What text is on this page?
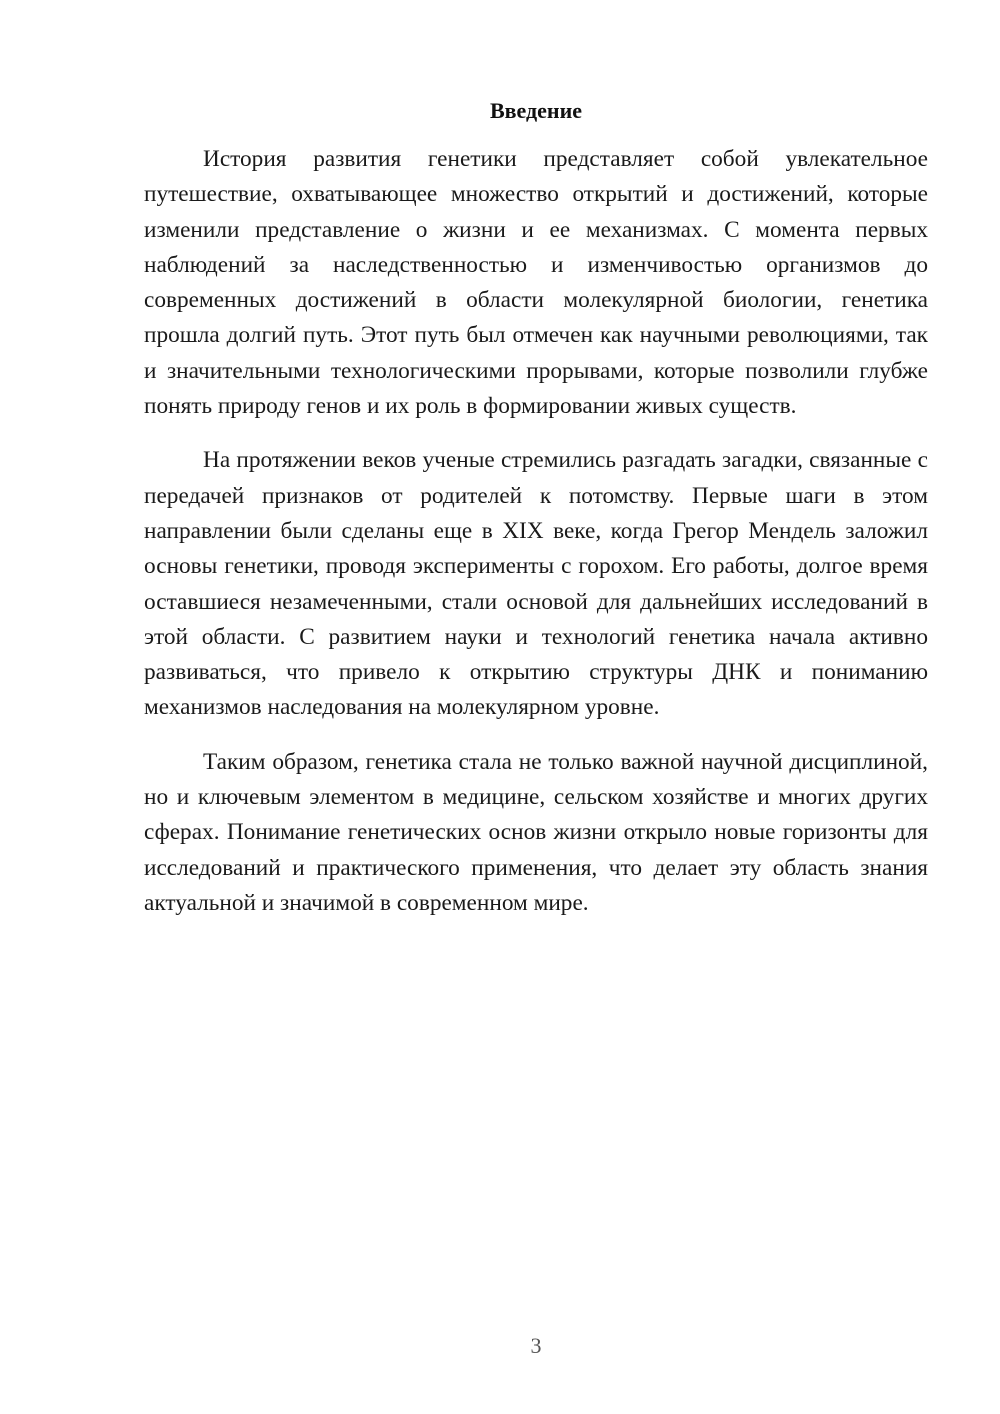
Введение

История развития генетики представляет собой увлекательное путешествие, охватывающее множество открытий и достижений, которые изменили представление о жизни и ее механизмах. С момента первых наблюдений за наследственностью и изменчивостью организмов до современных достижений в области молекулярной биологии, генетика прошла долгий путь. Этот путь был отмечен как научными революциями, так и значительными технологическими прорывами, которые позволили глубже понять природу генов и их роль в формировании живых существ.

На протяжении веков ученые стремились разгадать загадки, связанные с передачей признаков от родителей к потомству. Первые шаги в этом направлении были сделаны еще в XIX веке, когда Грегор Мендель заложил основы генетики, проводя эксперименты с горохом. Его работы, долгое время оставшиеся незамеченными, стали основой для дальнейших исследований в этой области. С развитием науки и технологий генетика начала активно развиваться, что привело к открытию структуры ДНК и пониманию механизмов наследования на молекулярном уровне.

Таким образом, генетика стала не только важной научной дисциплиной, но и ключевым элементом в медицине, сельском хозяйстве и многих других сферах. Понимание генетических основ жизни открыло новые горизонты для исследований и практического применения, что делает эту область знания актуальной и значимой в современном мире.

3
